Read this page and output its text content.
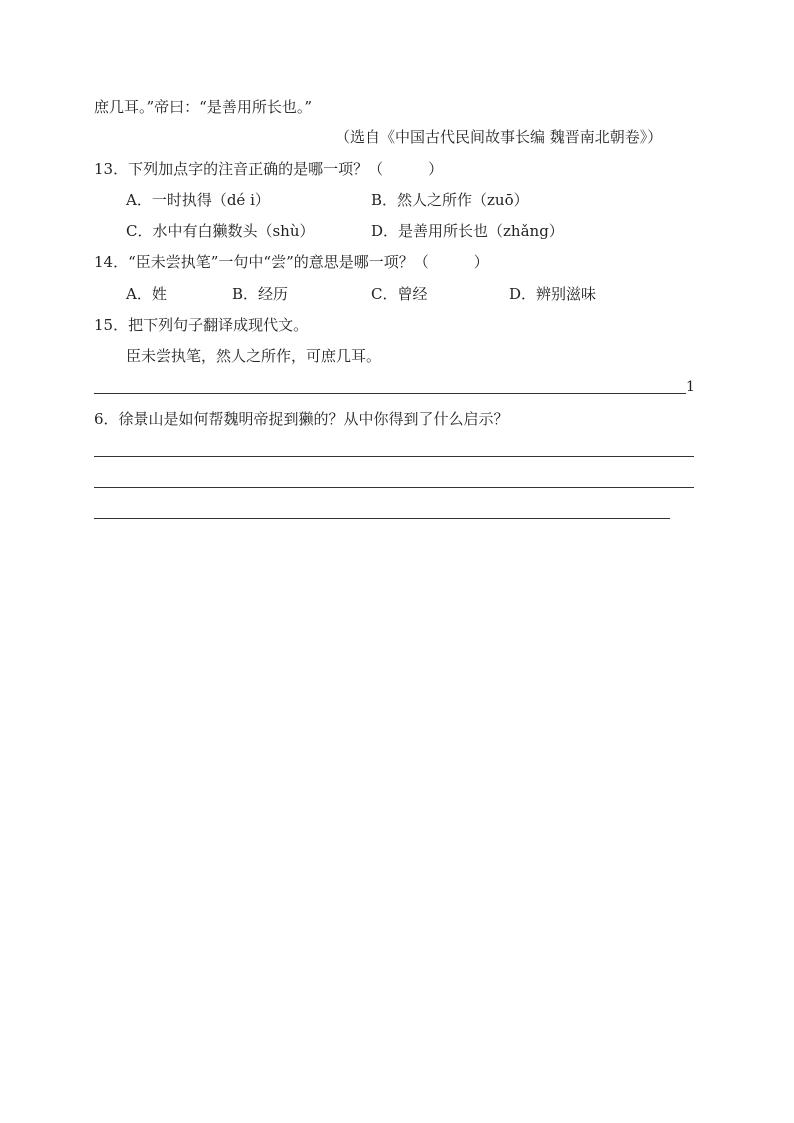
庶几耳。”帝曰：“是善用所长也。”
（选自《中国古代民间故事长编 魏晋南北朝卷》）
13．下列加点字的注音正确的是哪一项？（　　　）
A．一时执得（dé i）	B．然人之所作（zuō）
C．水中有白獭数头（shù）	D．是善用所长也（zhǎng）
14．“臣未尝执笔”一句中“尝”的意思是哪一项？（　　　）
A．姓	B．经历	C．曾经	D．辨别滋味
15．把下列句子翻译成现代文。
臣未尝执笔，然人之所作，可庶几耳。
1
6．徐景山是如何帮魏明帝捉到獭的？从中你得到了什么启示？
